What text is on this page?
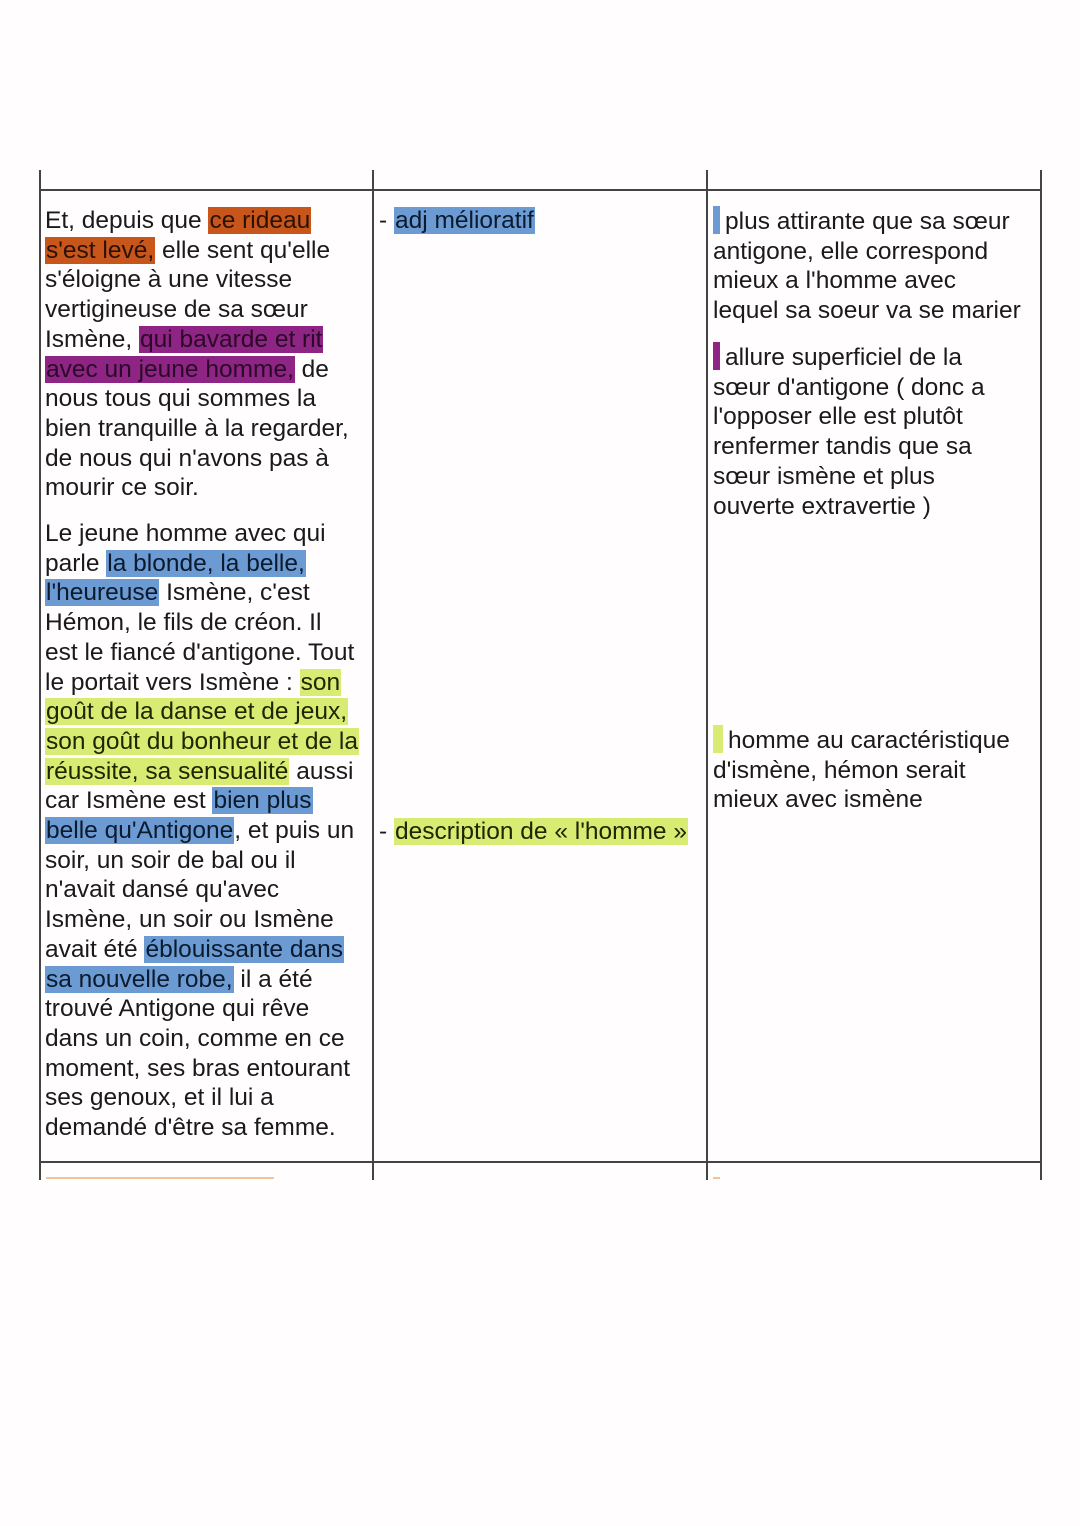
Et, depuis que ce rideau
s'est levé, elle sent qu'elle
s'éloigne à une vitesse
vertigineuse de sa sœur
Ismène, qui bavarde et rit
avec un jeune homme, de
nous tous qui sommes la
bien tranquille à la regarder,
de nous qui n'avons pas à
mourir ce soir.

Le jeune homme avec qui
parle la blonde, la belle,
l'heureuse Ismène, c'est
Hémon, le fils de créon. Il
est le fiancé d'antigone. Tout
le portait vers Ismène : son
goût de la danse et de jeux,
son goût du bonheur et de la
réussite, sa sensualité aussi
car Ismène est bien plus
belle qu'Antigone, et puis un
soir, un soir de bal ou il
n'avait dansé qu'avec
Ismène, un soir ou Ismène
avait été éblouissante dans
sa nouvelle robe, il a été
trouvé Antigone qui rêve
dans un coin, comme en ce
moment, ses bras entourant
ses genoux, et il lui a
demandé d'être sa femme.

- adj mélioratif
- description de « l'homme »
plus attirante que sa sœur
antigone, elle correspond
mieux a l'homme avec
lequel sa soeur va se marier
allure superficiel de la
sœur d'antigone ( donc a
l'opposer elle est plutôt
renfermer tandis que sa
sœur ismène et plus
ouverte extravertie )
homme au caractéristique
d'ismène, hémon serait
mieux avec ismène
